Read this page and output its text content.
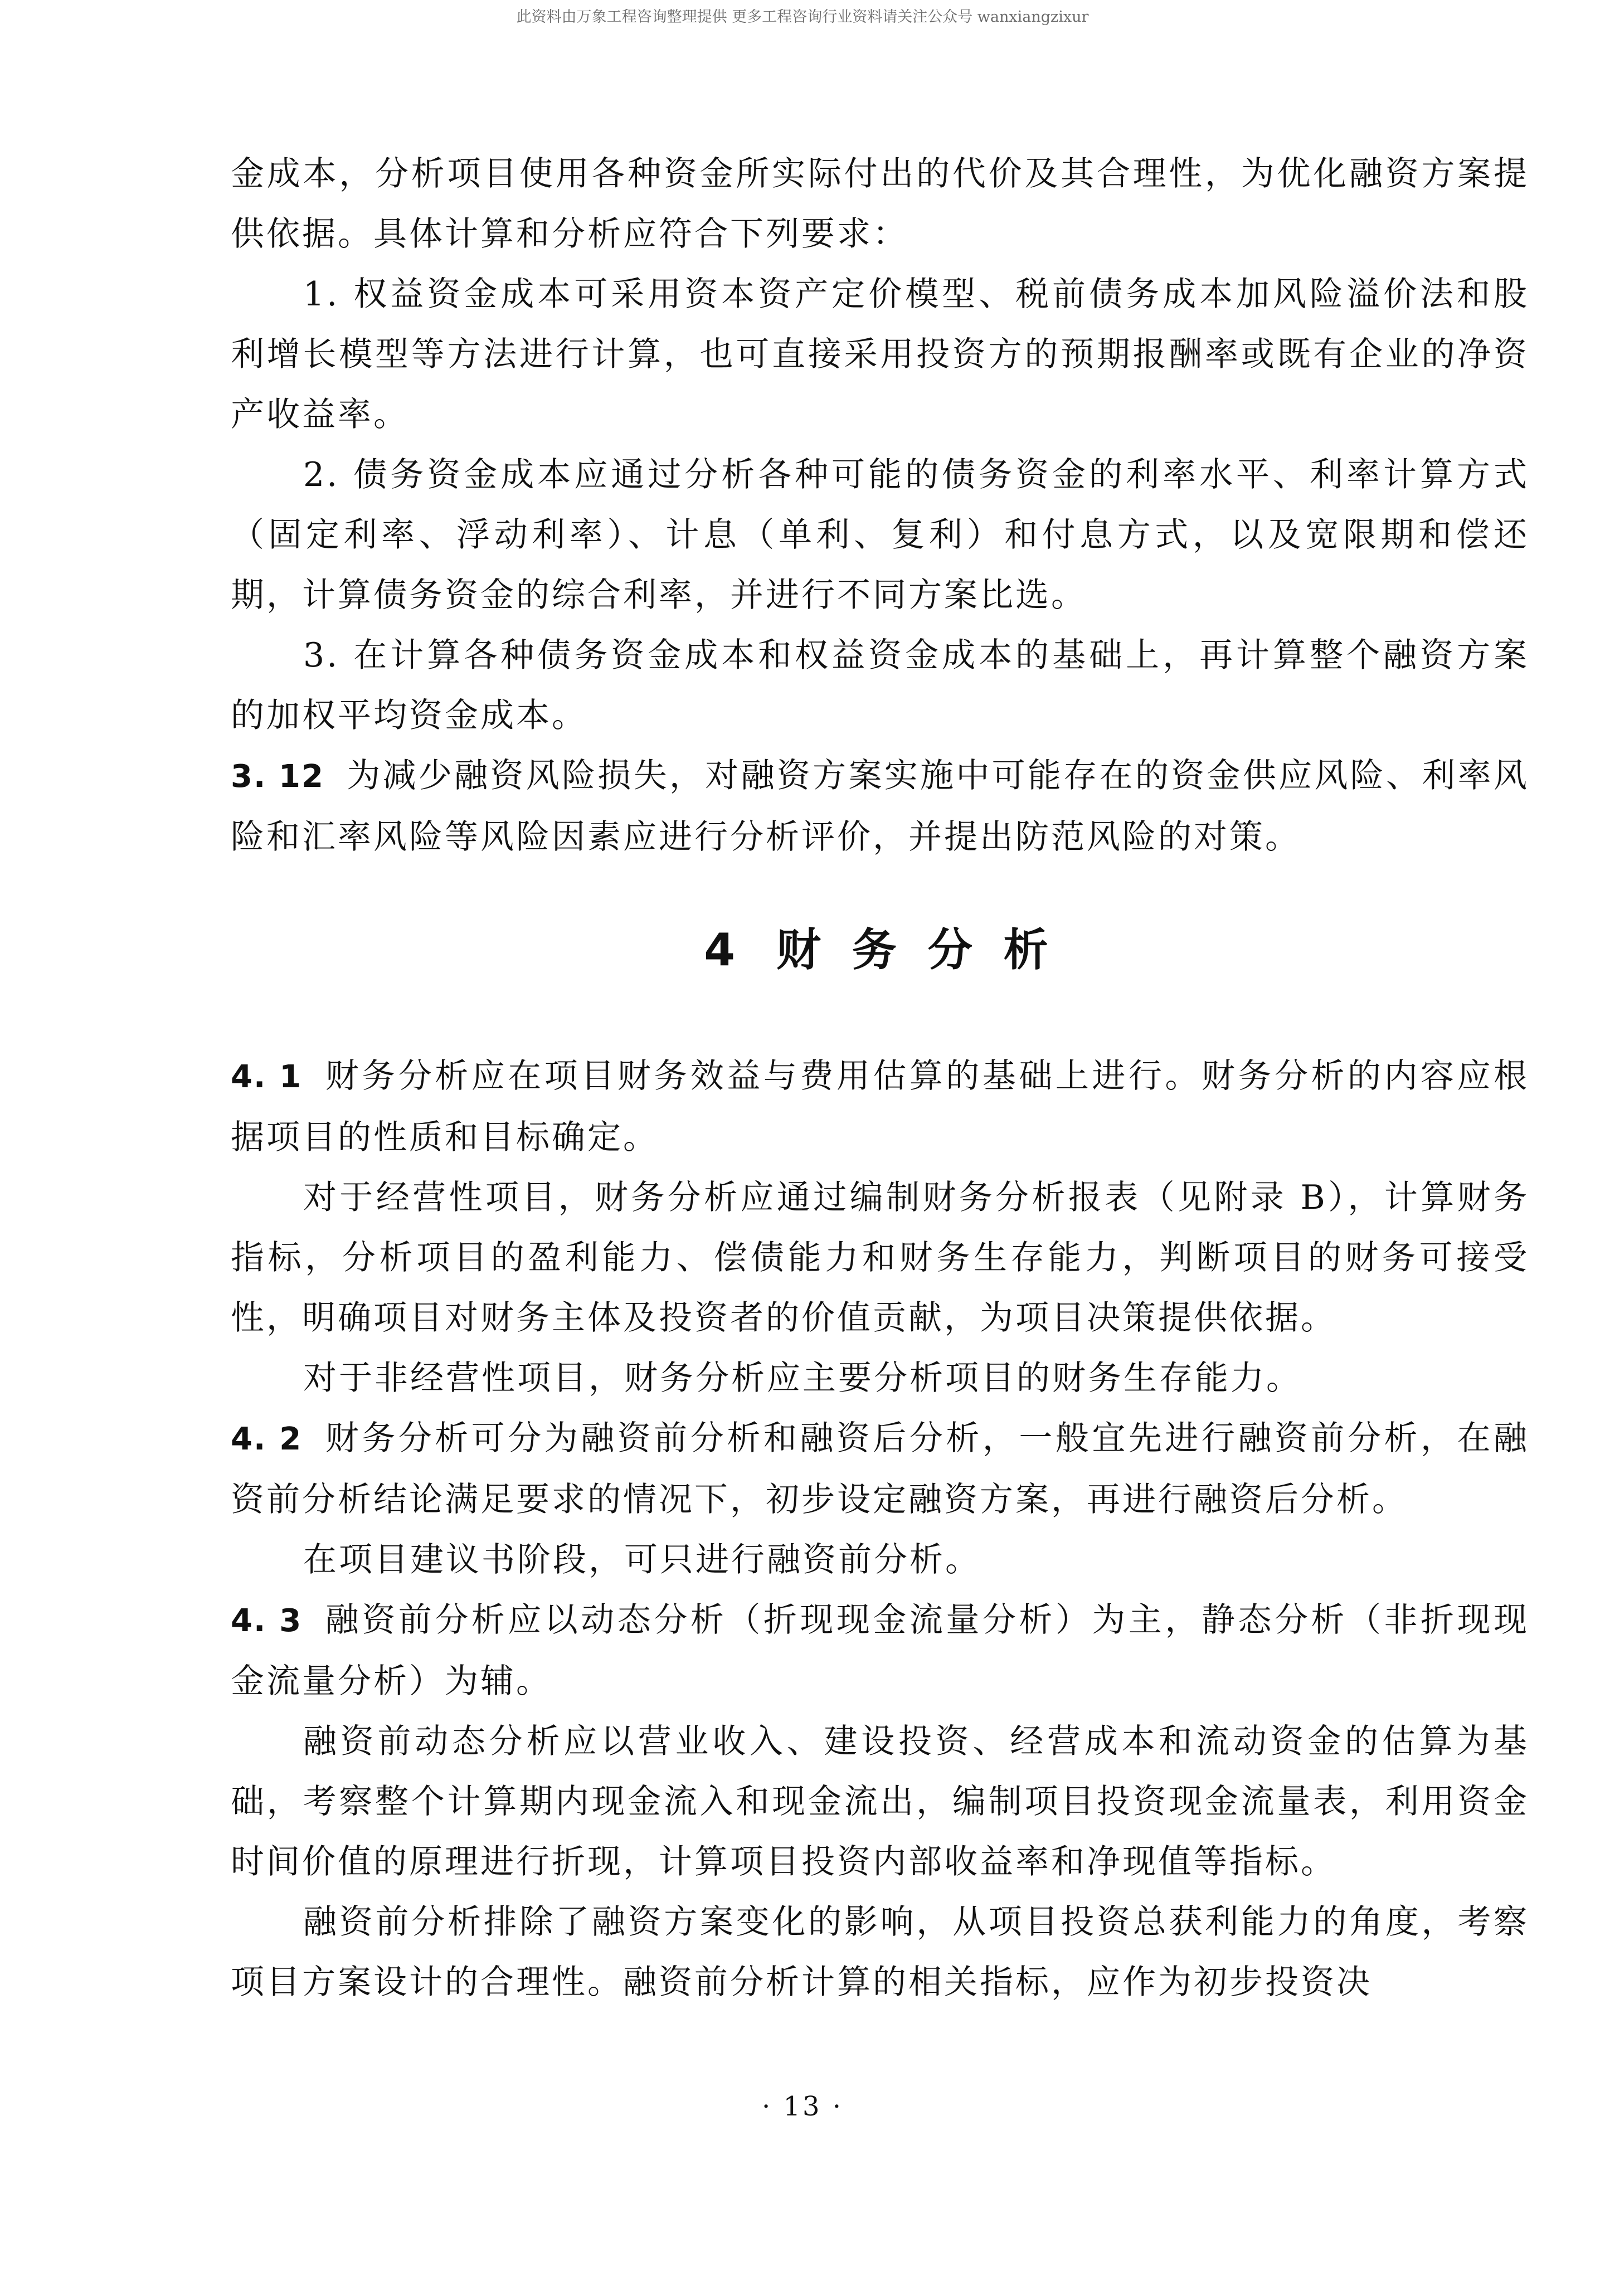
此资料由万象工程咨询整理提供 更多工程咨询行业资料请关注公众号 wanxiangzixur

金成本，分析项目使用各种资金所实际付出的代价及其合理性，为优化融资方案提供依据。具体计算和分析应符合下列要求：

1. 权益资金成本可采用资本资产定价模型、税前债务成本加风险溢价法和股利增长模型等方法进行计算，也可直接采用投资方的预期报酬率或既有企业的净资产收益率。

2. 债务资金成本应通过分析各种可能的债务资金的利率水平、利率计算方式（固定利率、浮动利率）、计息（单利、复利）和付息方式，以及宽限期和偿还期，计算债务资金的综合利率，并进行不同方案比选。

3. 在计算各种债务资金成本和权益资金成本的基础上，再计算整个融资方案的加权平均资金成本。

3. 12 为减少融资风险损失，对融资方案实施中可能存在的资金供应风险、利率风险和汇率风险等风险因素应进行分析评价，并提出防范风险的对策。

4 财 务 分 析

4. 1 财务分析应在项目财务效益与费用估算的基础上进行。财务分析的内容应根据项目的性质和目标确定。

对于经营性项目，财务分析应通过编制财务分析报表（见附录 B），计算财务指标，分析项目的盈利能力、偿债能力和财务生存能力，判断项目的财务可接受性，明确项目对财务主体及投资者的价值贡献，为项目决策提供依据。

对于非经营性项目，财务分析应主要分析项目的财务生存能力。

4. 2 财务分析可分为融资前分析和融资后分析，一般宜先进行融资前分析，在融资前分析结论满足要求的情况下，初步设定融资方案，再进行融资后分析。

在项目建议书阶段，可只进行融资前分析。

4. 3 融资前分析应以动态分析（折现现金流量分析）为主，静态分析（非折现现金流量分析）为辅。

融资前动态分析应以营业收入、建设投资、经营成本和流动资金的估算为基础，考察整个计算期内现金流入和现金流出，编制项目投资现金流量表，利用资金时间价值的原理进行折现，计算项目投资内部收益率和净现值等指标。

融资前分析排除了融资方案变化的影响，从项目投资总获利能力的角度，考察项目方案设计的合理性。融资前分析计算的相关指标，应作为初步投资决

· 13 ·
